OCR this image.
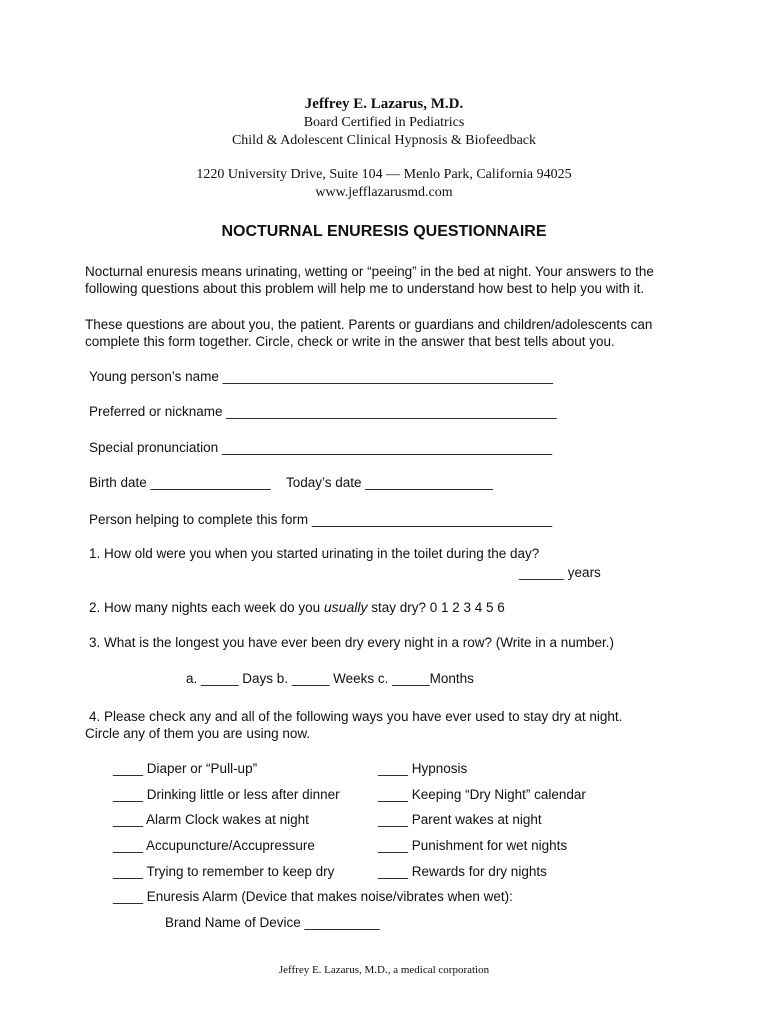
Jeffrey E. Lazarus, M.D.
Board Certified in Pediatrics
Child & Adolescent Clinical Hypnosis & Biofeedback
1220 University Drive, Suite 104 — Menlo Park, California 94025
www.jefflazarusmd.com
NOCTURNAL ENURESIS QUESTIONNAIRE

Nocturnal enuresis means urinating, wetting or “peeing” in the bed at night. Your answers to the following questions about this problem will help me to understand how best to help you with it.

These questions are about you, the patient. Parents or guardians and children/adolescents can complete this form together. Circle, check or write in the answer that best tells about you.

Young person’s name ____________________________________________
Preferred or nickname ____________________________________________
Special pronunciation ____________________________________________
Birth date ________________ Today’s date _________________
Person helping to complete this form ________________________________
1. How old were you when you started urinating in the toilet during the day?
______ years
2. How many nights each week do you usually stay dry? 0 1 2 3 4 5 6
3. What is the longest you have ever been dry every night in a row? (Write in a number.)
a. _____ Days b. _____ Weeks c. _____Months
4. Please check any and all of the following ways you have ever used to stay dry at night.
Circle any of them you are using now.
____ Diaper or “Pull-up”
____ Drinking little or less after dinner
____ Alarm Clock wakes at night
____ Accupuncture/Accupressure
____ Trying to remember to keep dry
____ Enuresis Alarm (Device that makes noise/vibrates when wet):
____ Hypnosis
____ Keeping “Dry Night” calendar
____ Parent wakes at night
____ Punishment for wet nights
____ Rewards for dry nights
Brand Name of Device __________
Jeffrey E. Lazarus, M.D., a medical corporation
